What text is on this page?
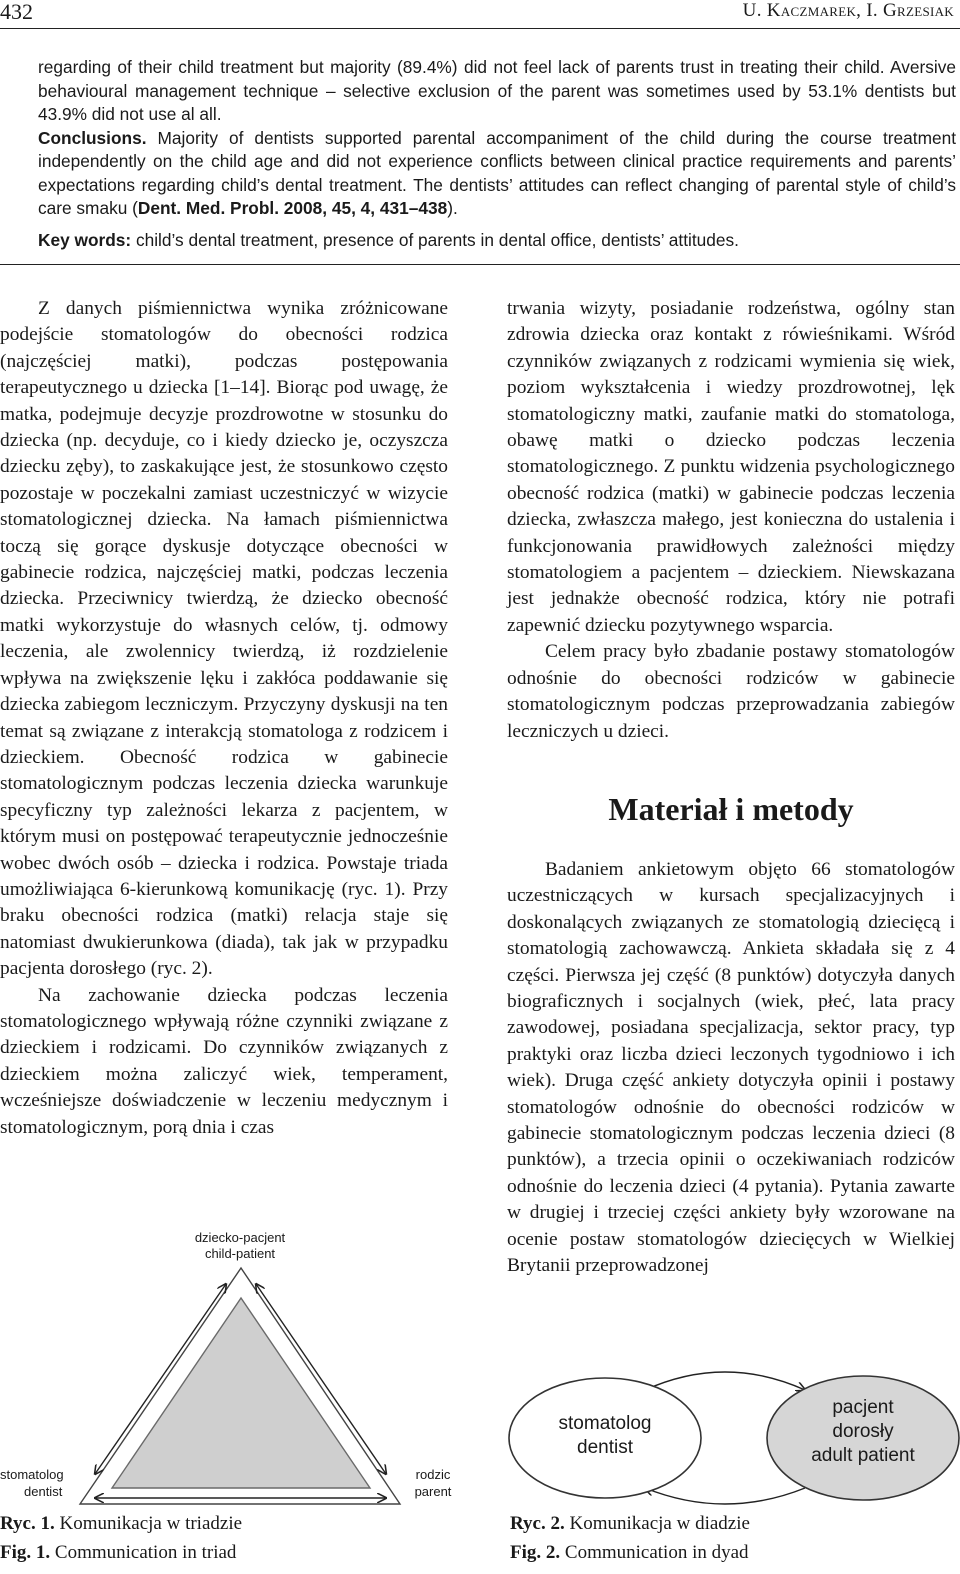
432	U. Kaczmarek, I. Grzesiak

regarding of their child treatment but majority (89.4%) did not feel lack of parents trust in treating their child. Aversive behavioural management technique – selective exclusion of the parent was sometimes used by 53.1% dentists but 43.9% did not use al all.

Conclusions. Majority of dentists supported parental accompaniment of the child during the course treatment independently on the child age and did not experience conflicts between clinical practice requirements and parents’ expectations regarding child’s dental treatment. The dentists’ attitudes can reflect changing of parental style of child’s care smaku (Dent. Med. Probl. 2008, 45, 4, 431–438).

Key words: child’s dental treatment, presence of parents in dental office, dentists’ attitudes.

Z danych piśmiennictwa wynika zróżnicowane podejście stomatologów do obecności rodzica (najczęściej matki), podczas postępowania terapeutycznego u dziecka [1–14]. Biorąc pod uwagę, że matka, podejmuje decyzje prozdrowotne w stosunku do dziecka (np. decyduje, co i kiedy dziecko je, oczyszcza dziecku zęby), to zaskakujące jest, że stosunkowo często pozostaje w poczekalni zamiast uczestniczyć w wizycie stomatologicznej dziecka. Na łamach piśmiennictwa toczą się gorące dyskusje dotyczące obecności w gabinecie rodzica, najczęściej matki, podczas leczenia dziecka. Przeciwnicy twierdzą, że dziecko obecność matki wykorzystuje do własnych celów, tj. odmowy leczenia, ale zwolennicy twierdzą, iż rozdzielenie wpływa na zwiększenie lęku i zakłóca poddawanie się dziecka zabiegom leczniczym. Przyczyny dyskusji na ten temat są związane z interakcją stomatologa z rodzicem i dzieckiem. Obecność rodzica w gabinecie stomatologicznym podczas leczenia dziecka warunkuje specyficzny typ zależności lekarza z pacjentem, w którym musi on postępować terapeutycznie jednocześnie wobec dwóch osób – dziecka i rodzica. Powstaje triada umożliwiająca 6-kierunkową komunikację (ryc. 1). Przy braku obecności rodzica (matki) relacja staje się natomiast dwukierunkowa (diada), tak jak w przypadku pacjenta dorosłego (ryc. 2).

Na zachowanie dziecka podczas leczenia stomatologicznego wpływają różne czynniki związane z dzieckiem i rodzicami. Do czynników związanych z dzieckiem można zaliczyć wiek, temperament, wcześniejsze doświadczenie w leczeniu medycznym i stomatologicznym, porą dnia i czas

trwania wizyty, posiadanie rodzeństwa, ogólny stan zdrowia dziecka oraz kontakt z rówieśnikami. Wśród czynników związanych z rodzicami wymienia się wiek, poziom wykształcenia i wiedzy prozdrowotnej, lęk stomatologiczny matki, zaufanie matki do stomatologa, obawę matki o dziecko podczas leczenia stomatologicznego. Z punktu widzenia psychologicznego obecność rodzica (matki) w gabinecie podczas leczenia dziecka, zwłaszcza małego, jest konieczna do ustalenia i funkcjonowania prawidłowych zależności między stomatologiem a pacjentem – dzieckiem. Niewskazana jest jednakże obecność rodzica, który nie potrafi zapewnić dziecku pozytywnego wsparcia.

Celem pracy było zbadanie postawy stomatologów odnośnie do obecności rodziców w gabinecie stomatologicznym podczas przeprowadzania zabiegów leczniczych u dzieci.

Materiał i metody

Badaniem ankietowym objęto 66 stomatologów uczestniczących w kursach specjalizacyjnych i doskonalących związanych ze stomatologią dziecięcą i stomatologią zachowawczą. Ankieta składała się z 4 części. Pierwsza jej część (8 punktów) dotyczyła danych biograficznych i socjalnych (wiek, płeć, lata pracy zawodowej, posiadana specjalizacja, sektor pracy, typ praktyki oraz liczba dzieci leczonych tygodniowo i ich wiek). Druga część ankiety dotyczyła opinii i postawy stomatologów odnośnie do obecności rodziców w gabinecie stomatologicznym podczas leczenia dzieci (8 punktów), a trzecia opinii o oczekiwaniach rodziców odnośnie do leczenia dzieci (4 pytania). Pytania zawarte w drugiej i trzeciej części ankiety były wzorowane na ocenie postaw stomatologów dziecięcych w Wielkiej Brytanii przeprowadzonej

dziecko-pacjent
child-patient
stomatolog
dentist
rodzic
parent
Ryc. 1. Komunikacja w triadzie
Fig. 1. Communication in triad
stomatolog
dentist
pacjent
dorosły
adult patient
Ryc. 2. Komunikacja w diadzie
Fig. 2. Communication in dyad
